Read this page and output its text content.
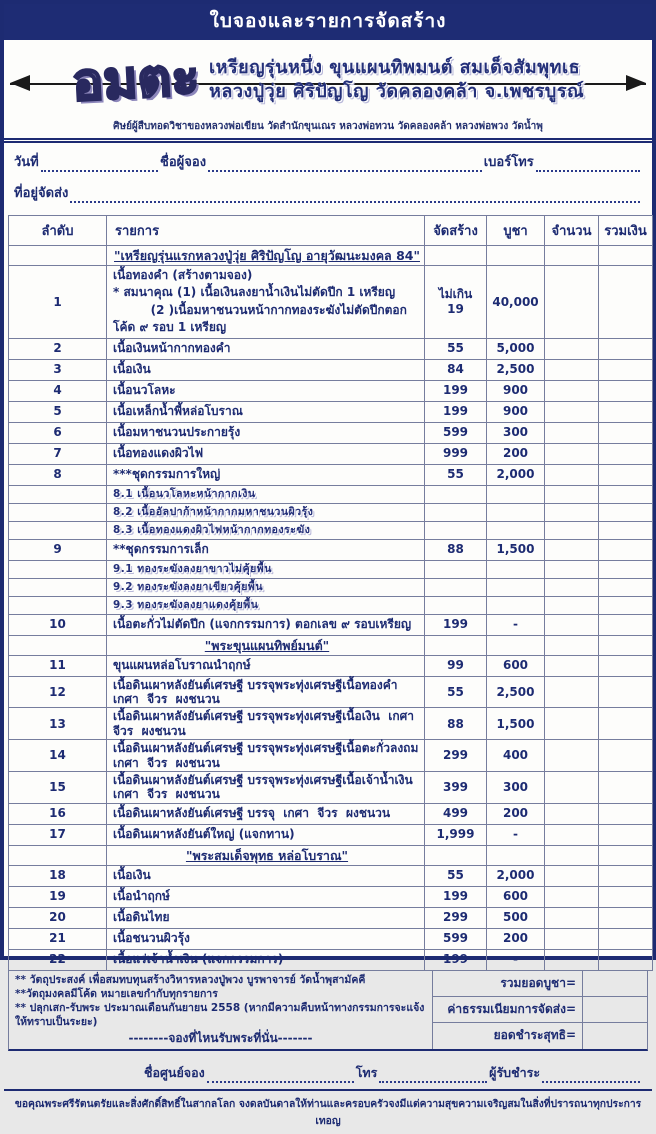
ใบจองและรายการจัดสร้าง
อมตะ เหรียญรุ่นหนึ่ง ขุนแผนทิพมนต์ สมเด็จสัมพุทเธ
หลวงปู่วุ่ย ศิริปัญโญ วัดคลองคล้า จ.เพชรบูรณ์
ศิษย์ผู้สืบทอดวิชาของหลวงพ่อเขียน วัดสำนักขุนเณร หลวงพ่อทวน วัดคลองคล้า หลวงพ่อพวง วัดน้ำพุ
วันที่	ชื่อผู้จอง	เบอร์โทร
ที่อยู่จัดส่ง
ลำดับ	รายการ	จัดสร้าง	บูชา	จำนวน	รวมเงิน

	"เหรียญรุ่นแรกหลวงปู่วุ่ย ศิริปัญโญ อายุวัฒนะมงคล 84"				

1

เนื้อทองคำ (สร้างตามจอง)
* สมนาคุณ (1) เนื้อเงินลงยาน้ำเงินไม่ตัดปีก 1 เหรียญ
(2 )เนื้อมหาชนวนหน้ากากทองระฆังไม่ตัดปีกตอกโค้ด ๙ รอบ 1 เหรียญ

ไม่เกิน
19

40,000

2	เนื้อเงินหน้ากากทองคำ	55	5,000		

3	เนื้อเงิน	84	2,500		

4	เนื้อนวโลหะ	199	900		

5	เนื้อเหล็กน้ำพี้หล่อโบราณ	199	900		

6	เนื้อมหาชนวนประกายรุ้ง	599	300		

7	เนื้อทองแดงผิวไฟ	999	200		

8	***ชุดกรรมการใหญ่	55	2,000		

	8.1 เนื้อนวโลหะหน้ากากเงิน				

	8.2 เนื้ออัลปาก้าหน้ากากมหาชนวนผิวรุ้ง				

	8.3 เนื้อทองแดงผิวไฟหน้ากากทองระฆัง				

9	**ชุดกรรมการเล็ก	88	1,500		

	9.1 ทองระฆังลงยาขาวไม่คุ้ยพื้น				

	9.2 ทองระฆังลงยาเขียวคุ้ยพื้น				

	9.3 ทองระฆังลงยาแดงคุ้ยพื้น				

10	เนื้อตะกั่วไม่ตัดปีก (แจกกรรมการ) ตอกเลข ๙ รอบเหรียญ	199	-		

	"พระขุนแผนทิพย์มนต์"				

11	ขุนแผนหล่อโบราณนำฤกษ์	99	600		

12	เนื้อดินเผาหลังยันต์เศรษฐี บรรจุพระทุ่งเศรษฐีเนื้อทองคำ  เกศา  จีวร  ผงชนวน	55	2,500		

13	เนื้อดินเผาหลังยันต์เศรษฐี บรรจุพระทุ่งเศรษฐีเนื้อเงิน  เกศา  จีวร  ผงชนวน	88	1,500		

14	เนื้อดินเผาหลังยันต์เศรษฐี บรรจุพระทุ่งเศรษฐีเนื้อตะกั่วลงถม  เกศา  จีวร  ผงชนวน	299	400		

15	เนื้อดินเผาหลังยันต์เศรษฐี บรรจุพระทุ่งเศรษฐีเนื้อเจ้าน้ำเงิน  เกศา  จีวร  ผงชนวน	399	300		

16	เนื้อดินเผาหลังยันต์เศรษฐี บรรจุ  เกศา  จีวร  ผงชนวน	499	200		

17	เนื้อดินเผาหลังยันต์ใหญ่ (แจกทาน)	1,999	-		

	"พระสมเด็จพุทธ หล่อโบราณ"				

18	เนื้อเงิน	55	2,000		

19	เนื้อนำฤกษ์	199	600		

20	เนื้อดินไทย	299	500		

21	เนื้อชนวนผิวรุ้ง	599	200		

22	เนื้อแร่เจ้าน้ำเงิน (แจกกรรมการ)	199	-		

** วัตถุประสงค์ เพื่อสมทบทุนสร้างวิหารหลวงปู่พวง บูรพาจารย์ วัดน้ำพุสามัคคี
**วัตถุมงคลมีโค้ด หมายเลขกำกับทุกรายการ
** ปลุกเสก-รับพระ ประมาณเดือนกันยายน 2558 (หากมีความคืบหน้าทางกรรมการจะแจ้งให้ทราบเป็นระยะ)
--------จองที่ไหนรับพระที่นั่น-------
รวมยอดบูชา=
ค่าธรรมเนียมการจัดส่ง=
ยอดชำระสุทธิ=
ชื่อศูนย์จอง	โทร	ผู้รับชำระ
ขอคุณพระศรีรัตนตรัยและสิ่งศักดิ์สิทธิ์ในสากลโลก จงดลบันดาลให้ท่านและครอบครัวจงมีแต่ความสุขความเจริญสมในสิ่งที่ปรารถนาทุกประการ เทอญ
